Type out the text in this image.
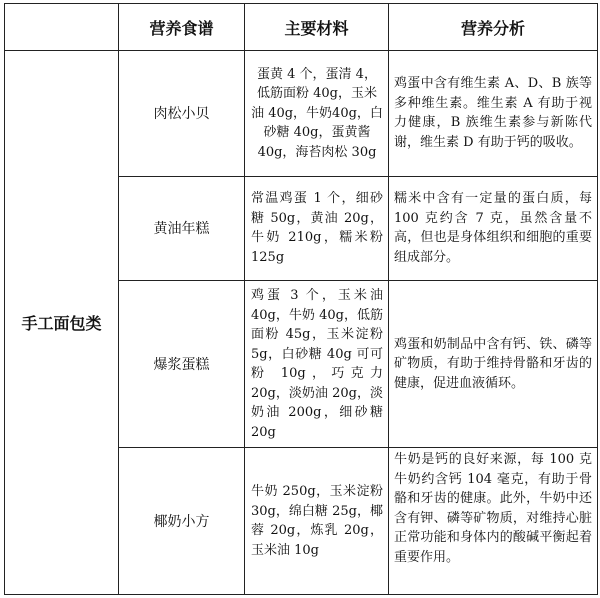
	营养食谱	主要材料	营养分析
手工面包类	肉松小贝	蛋黄 4 个，蛋清 4，低筋面粉 40g，玉米油 40g，牛奶40g，白砂糖 40g，蛋黄酱 40g，海苔肉松 30g	鸡蛋中含有维生素 A、D、B 族等多种维生素。维生素 A 有助于视力健康，B 族维生素参与新陈代谢，维生素 D 有助于钙的吸收。
	黄油年糕	常温鸡蛋 1 个，细砂糖 50g，黄油 20g，牛奶 210g，糯米粉 125g	糯米中含有一定量的蛋白质，每 100 克约含 7 克，虽然含量不高，但也是身体组织和细胞的重要组成部分。
	爆浆蛋糕	鸡蛋 3 个，玉米油 40g，牛奶 40g，低筋面粉 45g，玉米淀粉 5g，白砂糖 40g 可可粉 10g，巧克力 20g，淡奶油 20g，淡奶油 200g，细砂糖 20g	鸡蛋和奶制品中含有钙、铁、磷等矿物质，有助于维持骨骼和牙齿的健康，促进血液循环。
	椰奶小方	牛奶 250g，玉米淀粉 30g，绵白糖 25g，椰蓉 20g，炼乳 20g，玉米油 10g	牛奶是钙的良好来源，每 100 克牛奶约含钙 104 毫克，有助于骨骼和牙齿的健康。此外，牛奶中还含有钾、磷等矿物质，对维持心脏正常功能和身体内的酸碱平衡起着重要作用。
